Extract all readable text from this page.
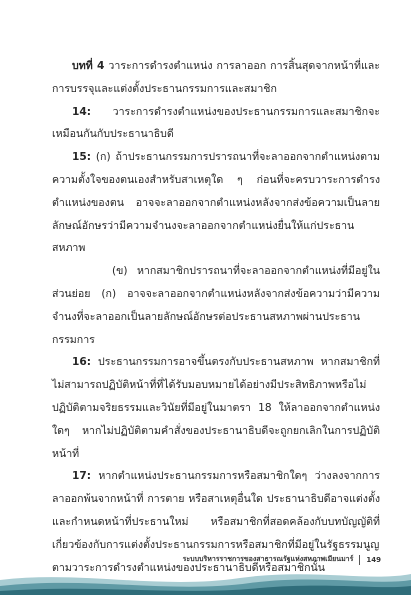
บทที่ 4 วาระการดำรงตำแหน่ง การลาออก การสิ้นสุดจากหน้าที่และการบรรจุและแต่งตั้งประธานกรรมการและสมาชิก

14: วาระการดำรงตำแหน่งของประธานกรรมการและสมาชิกจะเหมือนกันกับประธานาธิบดี

15: (ก) ถ้าประธานกรรมการปรารถนาที่จะลาออกจากตำแหน่งตามความตั้งใจของตนเองสำหรับสาเหตุใด ๆ ก่อนที่จะครบวาระการดำรงตำแหน่งของตน อาจจะลาออกจากตำแหน่งหลังจากส่งข้อความเป็นลายลักษณ์อักษรว่ามีความจำนงจะลาออกจากตำแหน่งยื่นให้แก่ประธานสหภาพ

(ข) หากสมาชิกปรารถนาที่จะลาออกจากตำแหน่งที่มีอยู่ในส่วนย่อย (ก) อาจจะลาออกจากตำแหน่งหลังจากส่งข้อความว่ามีความจำนงที่จะลาออกเป็นลายลักษณ์อักษรต่อประธานสหภาพผ่านประธานกรรมการ

16: ประธานกรรมการอาจขึ้นตรงกับประธานสหภาพ หากสมาชิกที่ไม่สามารถปฏิบัติหน้าที่ที่ได้รับมอบหมายได้อย่างมีประสิทธิภาพหรือไม่ปฏิบัติตามจริยธรรมและวินัยที่มีอยู่ในมาตรา 18 ให้ลาออกจากตำแหน่งใดๆ หากไม่ปฏิบัติตามคำสั่งของประธานาธิบดีจะถูกยกเลิกในการปฏิบัติหน้าที่

17: หากตำแหน่งประธานกรรมการหรือสมาชิกใดๆ ว่างลงจากการลาออกพ้นจากหน้าที่ การตาย หรือสาเหตุอื่นใด ประธานาธิบดีอาจแต่งตั้งและกำหนดหน้าที่ประธานใหม่ หรือสมาชิกที่สอดคล้องกับบทบัญญัติที่เกี่ยวข้องกับการแต่งตั้งประธานกรรมการหรือสมาชิกที่มีอยู่ในรัฐธรรมนูญตามวาระการดำรงตำแหน่งของประธานาธิบดีหรือสมาชิกนั้น

ระบบบริหารราชการของสาธารณรัฐแห่งสหภาพเมียนมาร์ 149
